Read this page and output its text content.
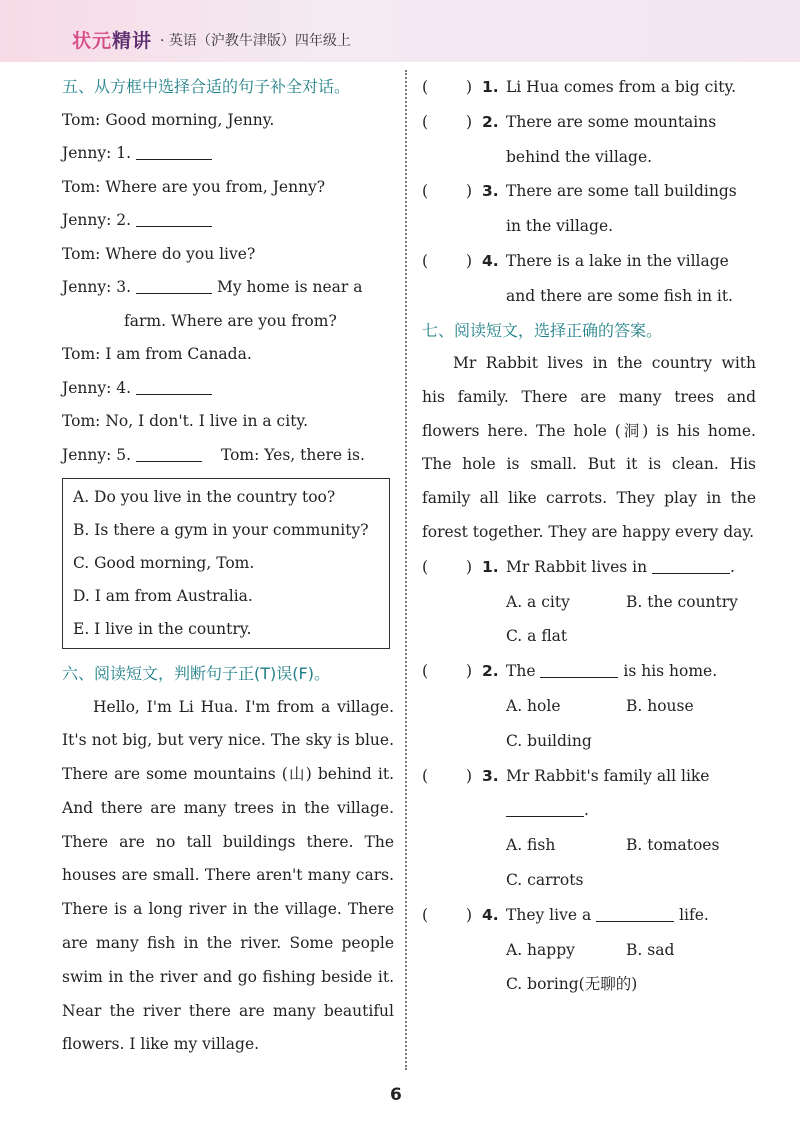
状元精讲 · 英语（沪教牛津版）四年级上

五、从方框中选择合适的句子补全对话。

Tom: Good morning, Jenny.
Jenny: 1.
Tom: Where are you from, Jenny?
Jenny: 2.
Tom: Where do you live?
Jenny: 3.	My home is near a
farm. Where are you from?
Tom: I am from Canada.
Jenny: 4.
Tom: No, I don't. I live in a city.
Jenny: 5.	Tom: Yes, there is.
A. Do you live in the country too?
B. Is there a gym in your community?
C. Good morning, Tom.
D. I am from Australia.
E. I live in the country.

六、阅读短文，判断句子正(T)误(F)。

Hello, I'm Li Hua. I'm from a village. It's not big, but very nice. The sky is blue. There are some mountains (山) behind it. And there are many trees in the village. There are no tall buildings there. The houses are small. There aren't many cars. There is a long river in the village. There are many fish in the river. Some people swim in the river and go fishing beside it. Near the river there are many beautiful flowers. I like my village.

( ) 1. Li Hua comes from a big city.
( ) 2. There are some mountains
behind the village.
( ) 3. There are some tall buildings
in the village.
( ) 4. There is a lake in the village
and there are some fish in it.

七、阅读短文，选择正确的答案。

Mr Rabbit lives in the country with his family. There are many trees and flowers here. The hole (洞) is his home. The hole is small. But it is clean. His family all like carrots. They play in the forest together. They are happy every day.

( ) 1. Mr Rabbit lives in	.
A. a city	B. the country
C. a flat
( ) 2. The	is his home.
A. hole	B. house
C. building
( ) 3. Mr Rabbit's family all like
.
A. fish	B. tomatoes
C. carrots
( ) 4. They live a	life.
A. happy	B. sad
C. boring(无聊的)
6
